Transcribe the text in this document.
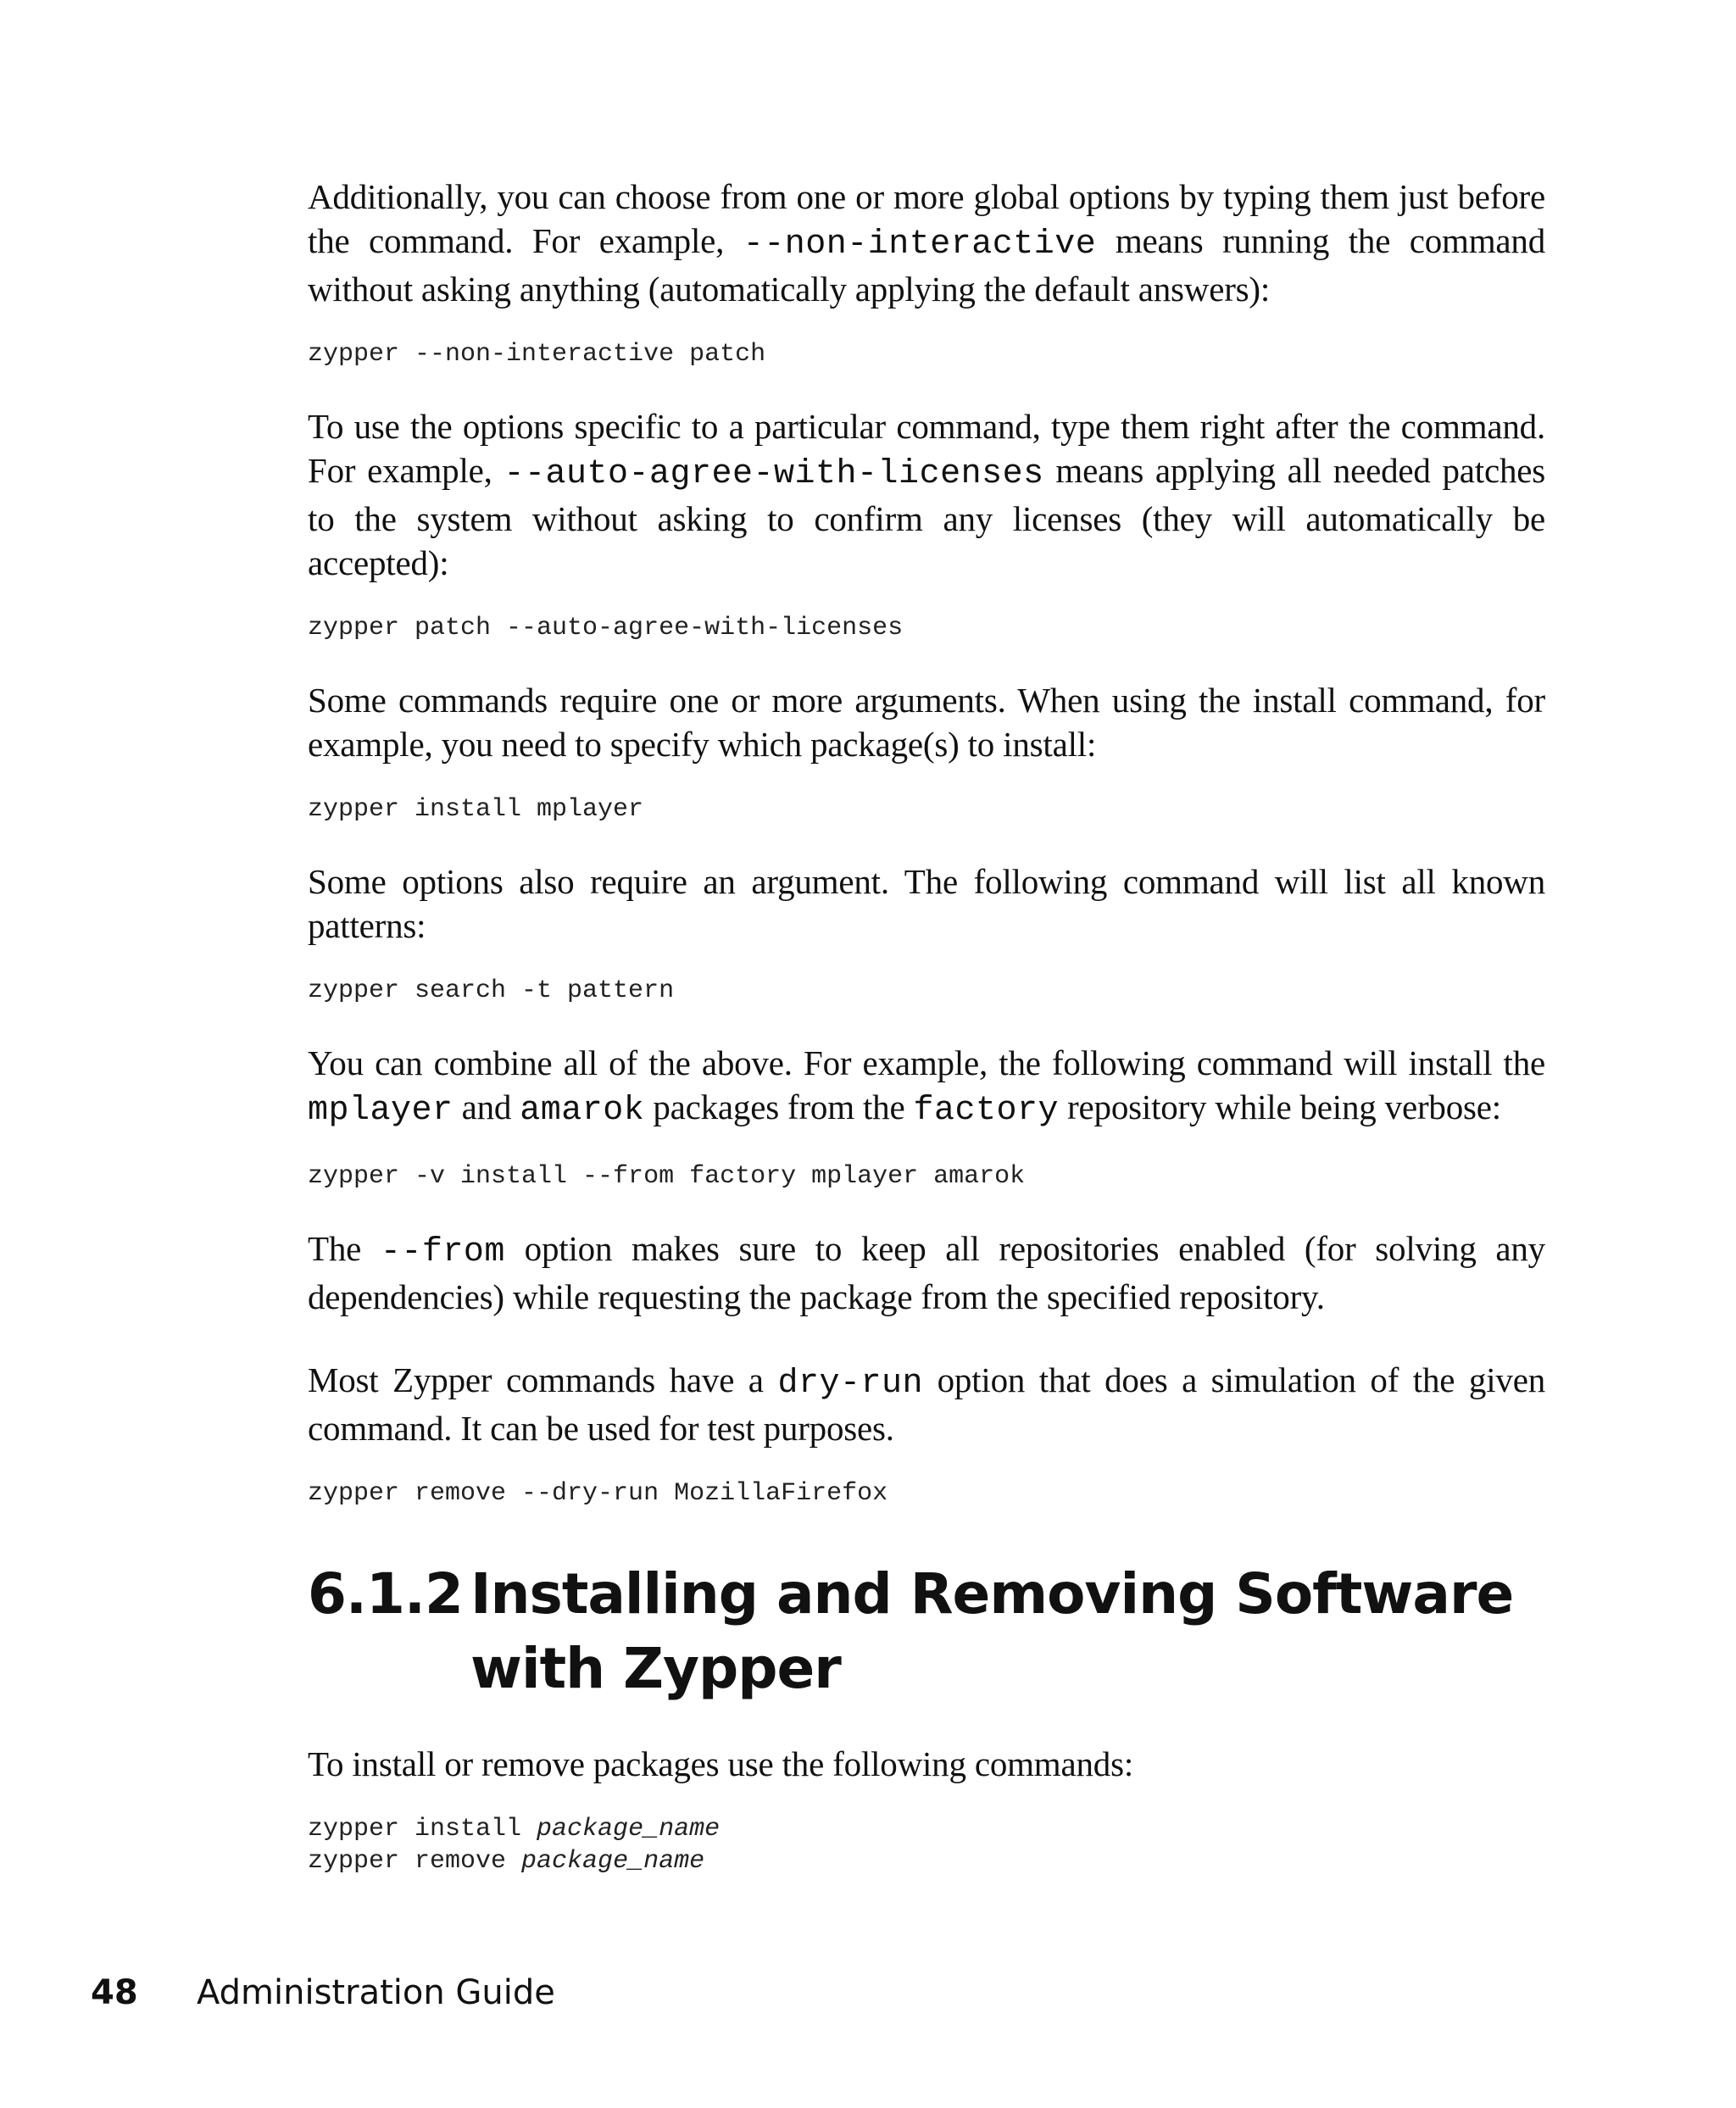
Additionally, you can choose from one or more global options by typing them just before the command. For example, --non-interactive means running the command without asking anything (automatically applying the default answers):

zypper --non-interactive patch

To use the options specific to a particular command, type them right after the command. For example, --auto-agree-with-licenses means applying all needed patches to the system without asking to confirm any licenses (they will automatically be accepted):

zypper patch --auto-agree-with-licenses

Some commands require one or more arguments. When using the install command, for example, you need to specify which package(s) to install:

zypper install mplayer

Some options also require an argument. The following command will list all known patterns:

zypper search -t pattern

You can combine all of the above. For example, the following command will install the mplayer and amarok packages from the factory repository while being verbose:

zypper -v install --from factory mplayer amarok

The --from option makes sure to keep all repositories enabled (for solving any dependencies) while requesting the package from the specified repository.

Most Zypper commands have a dry-run option that does a simulation of the given command. It can be used for test purposes.

zypper remove --dry-run MozillaFirefox
6.1.2 Installing and Removing Software with Zypper

To install or remove packages use the following commands:

zypper install package_name
zypper remove package_name
48	Administration Guide
